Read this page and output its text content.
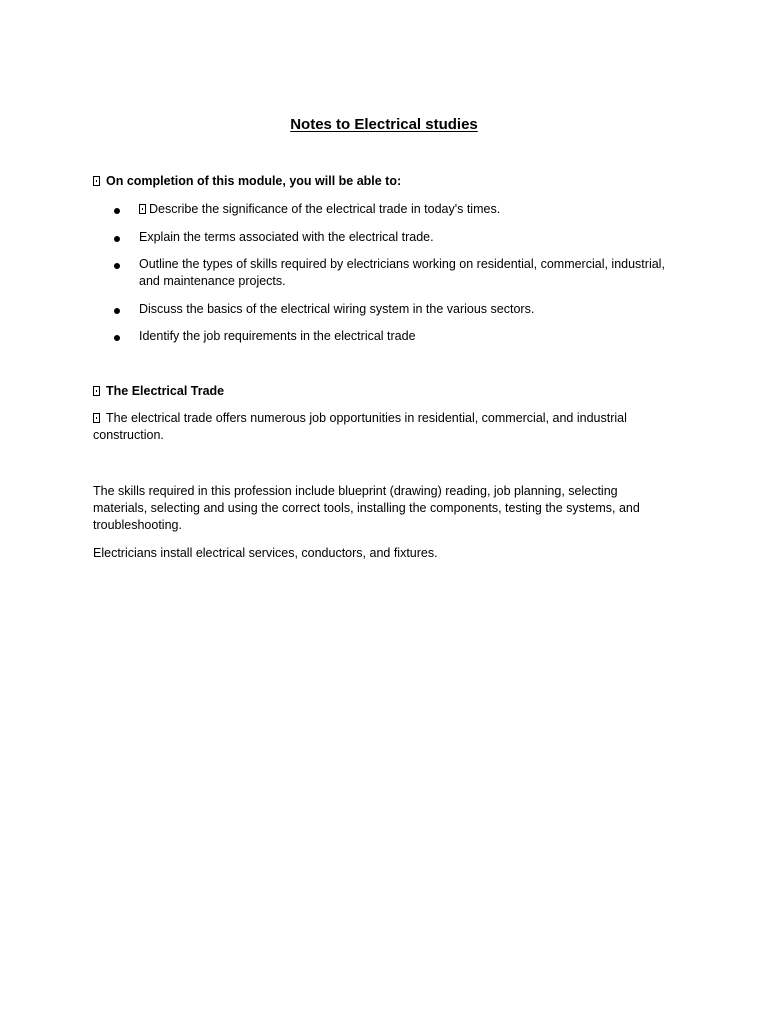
Notes to Electrical studies
On completion of this module, you will be able to:
Describe the significance of the electrical trade in today's times.
Explain the terms associated with the electrical trade.
Outline the types of skills required by electricians working on residential, commercial, industrial, and maintenance projects.
Discuss the basics of the electrical wiring system in the various sectors.
Identify the job requirements in the electrical trade
The Electrical Trade
The electrical trade offers numerous job opportunities in residential, commercial, and industrial construction.
The skills required in this profession include blueprint (drawing) reading, job planning, selecting materials, selecting and using the correct tools, installing the components, testing the systems, and troubleshooting.
Electricians install electrical services, conductors, and fixtures.
